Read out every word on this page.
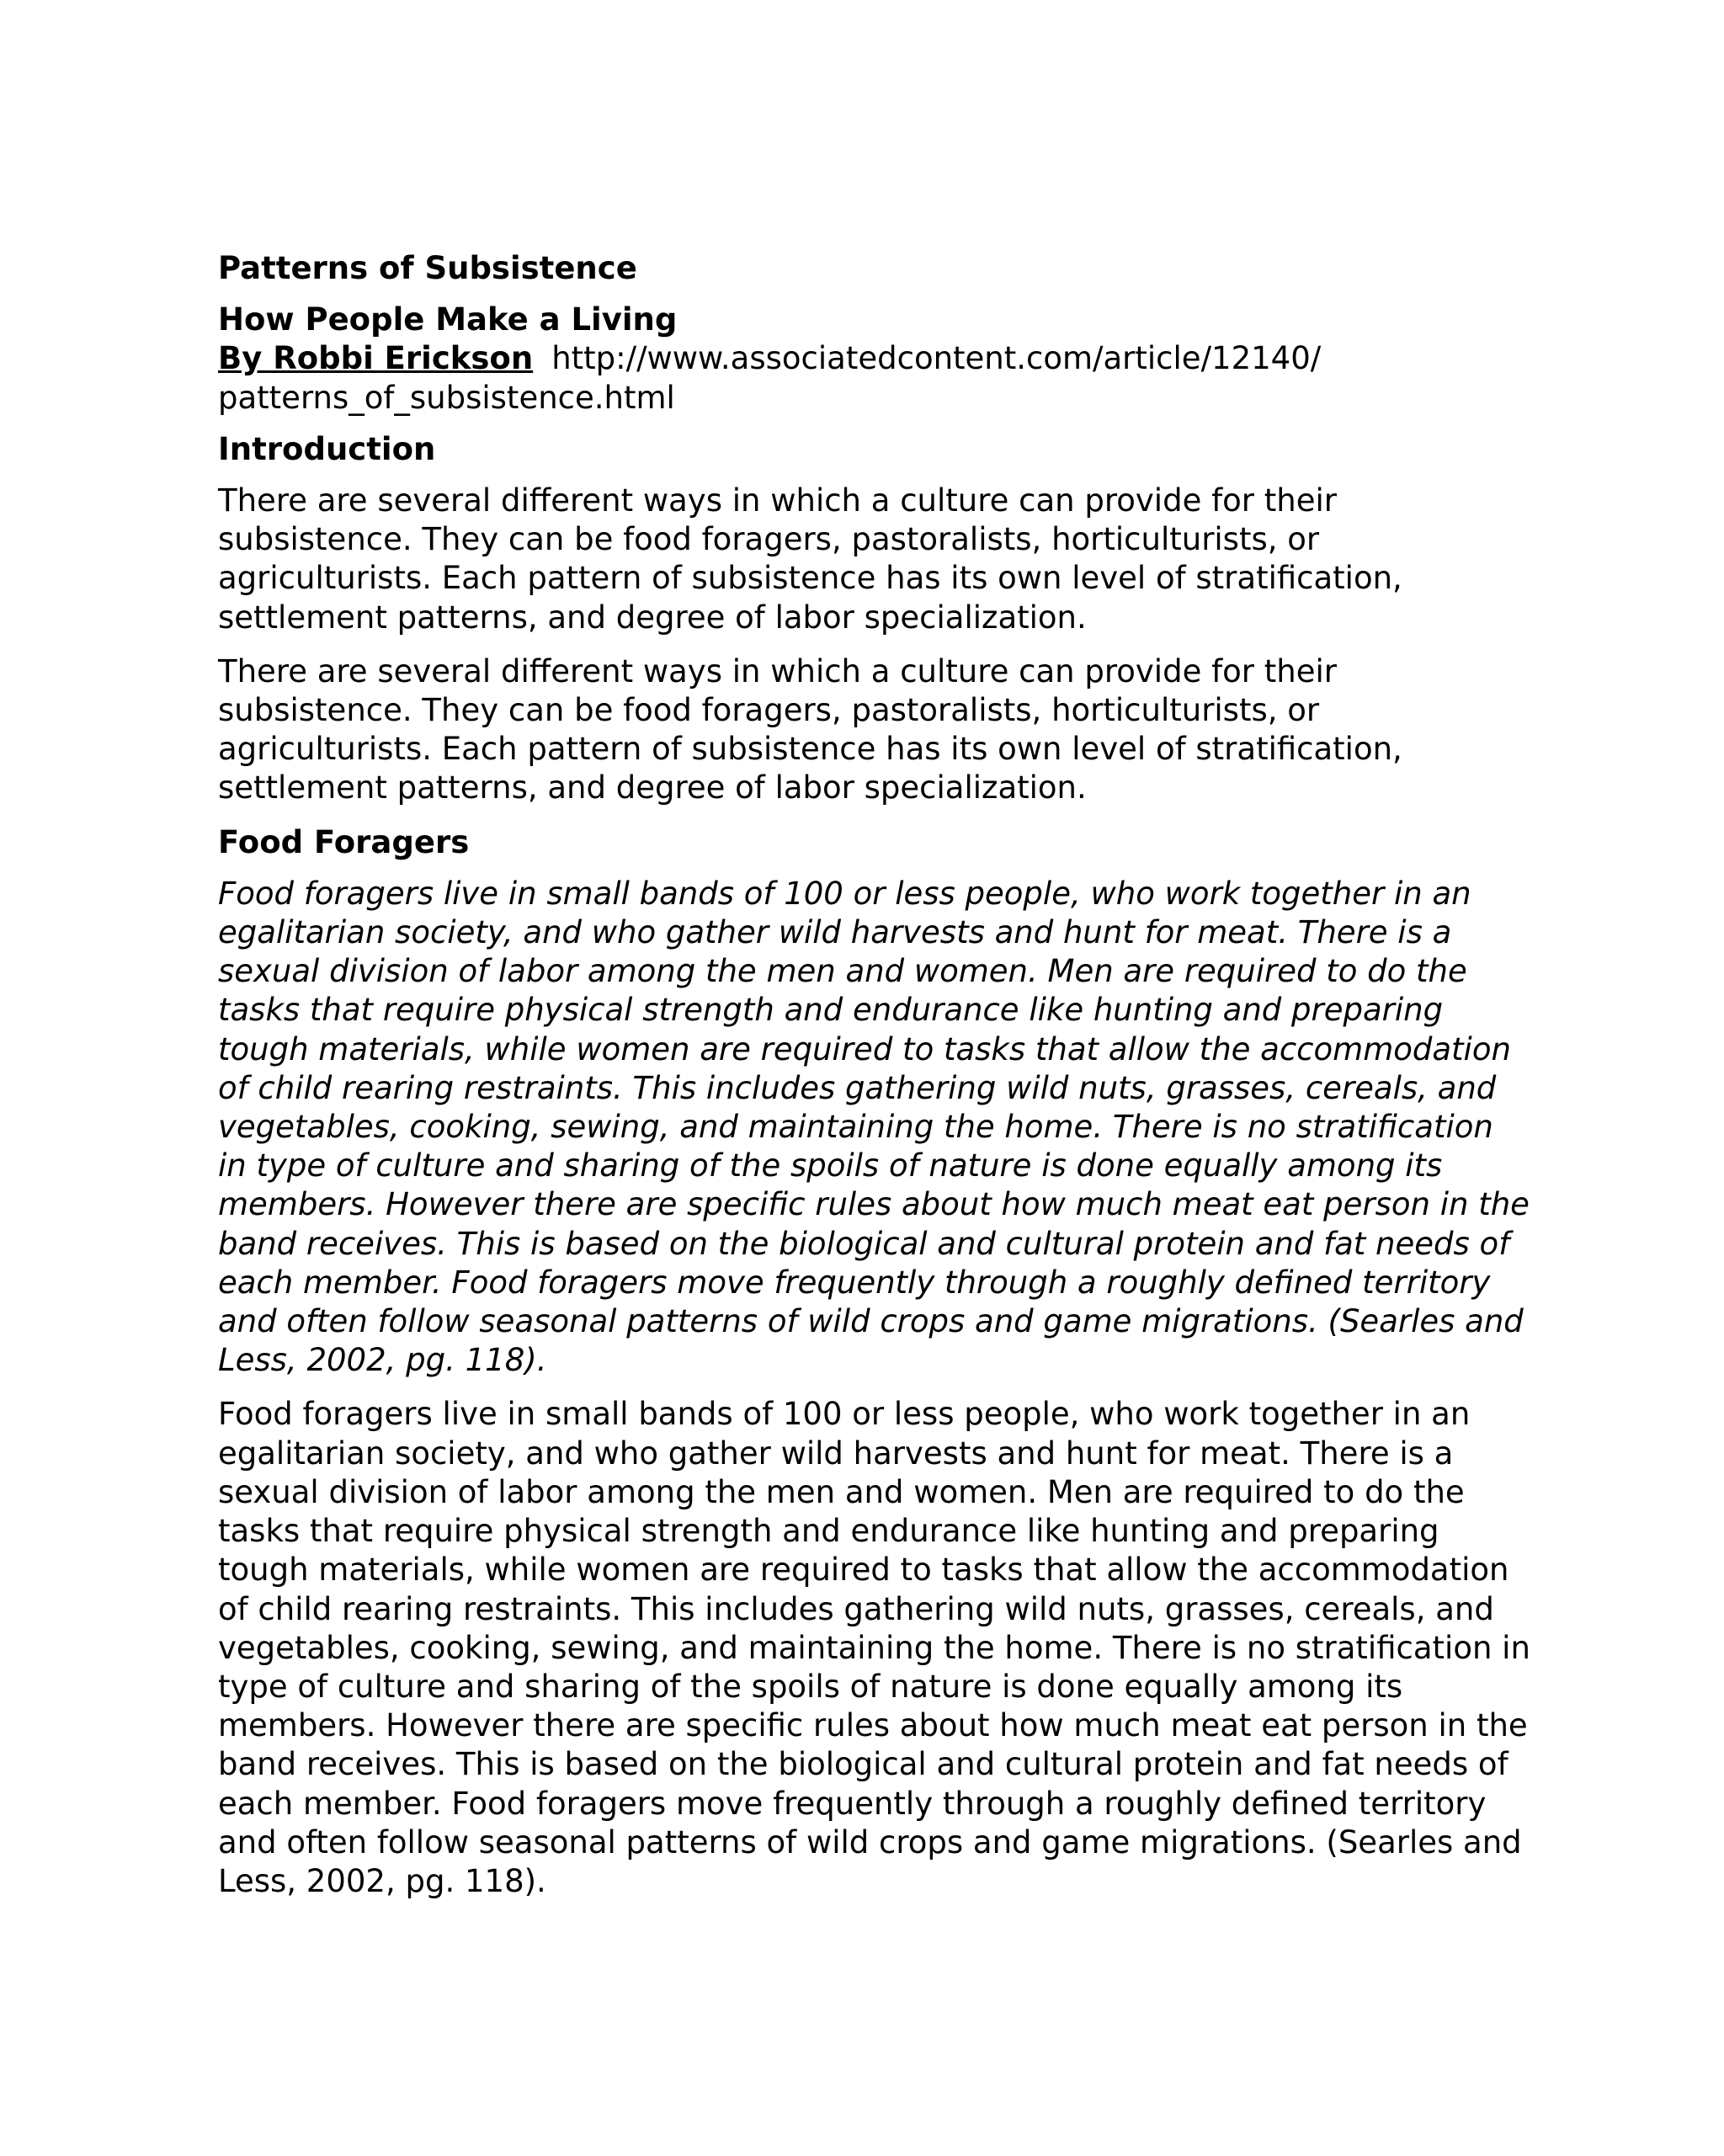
Patterns of Subsistence
How People Make a Living
By Robbi Erickson http://www.associatedcontent.com/article/12140/
patterns_of_subsistence.html
Introduction

There are several different ways in which a culture can provide for their subsistence. They can be food foragers, pastoralists, horticulturists, or agriculturists. Each pattern of subsistence has its own level of stratification, settlement patterns, and degree of labor specialization.

There are several different ways in which a culture can provide for their subsistence. They can be food foragers, pastoralists, horticulturists, or agriculturists. Each pattern of subsistence has its own level of stratification, settlement patterns, and degree of labor specialization.

Food Foragers

Food foragers live in small bands of 100 or less people, who work together in an egalitarian society, and who gather wild harvests and hunt for meat. There is a sexual division of labor among the men and women. Men are required to do the tasks that require physical strength and endurance like hunting and preparing tough materials, while women are required to tasks that allow the accommodation of child rearing restraints. This includes gathering wild nuts, grasses, cereals, and vegetables, cooking, sewing, and maintaining the home. There is no stratification in type of culture and sharing of the spoils of nature is done equally among its members. However there are specific rules about how much meat eat person in the band receives. This is based on the biological and cultural protein and fat needs of each member. Food foragers move frequently through a roughly defined territory and often follow seasonal patterns of wild crops and game migrations. (Searles and Less, 2002, pg. 118).

Food foragers live in small bands of 100 or less people, who work together in an egalitarian society, and who gather wild harvests and hunt for meat. There is a sexual division of labor among the men and women. Men are required to do the tasks that require physical strength and endurance like hunting and preparing tough materials, while women are required to tasks that allow the accommodation of child rearing restraints. This includes gathering wild nuts, grasses, cereals, and vegetables, cooking, sewing, and maintaining the home. There is no stratification in type of culture and sharing of the spoils of nature is done equally among its members. However there are specific rules about how much meat eat person in the band receives. This is based on the biological and cultural protein and fat needs of each member. Food foragers move frequently through a roughly defined territory and often follow seasonal patterns of wild crops and game migrations. (Searles and Less, 2002, pg. 118).
